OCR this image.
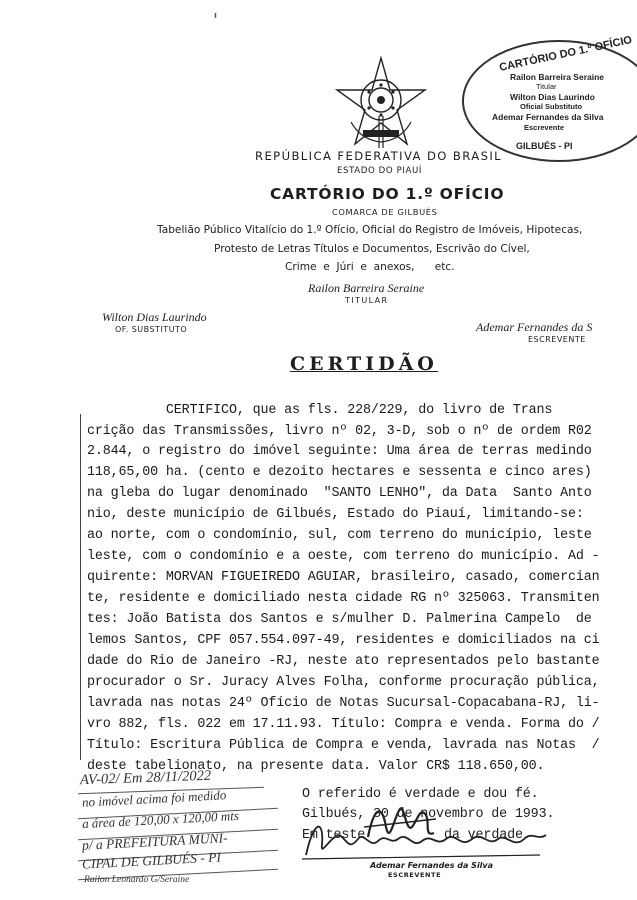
'
CARTÓRIO DO 1.º OFÍCIO
Railon Barreira Seraine
Titular
Wilton Dias Laurindo
Oficial Substituto
Ademar Fernandes da Silva
Escrevente
GILBUÉS - PI
REPÚBLICA FEDERATIVA DO BRASIL
ESTADO DO PIAUÍ
CARTÓRIO DO 1.º OFÍCIO
COMARCA DE GILBUÉS
Tabelião Público Vitalício do 1.º Ofício, Oficial do Registro de Imóveis, Hipotecas,
Protesto de Letras Títulos e Documentos, Escrivão do Cível,
Crime  e  Júri  e  anexos,      etc.
Railon Barreira Seraine
TITULAR
Wilton Dias Laurindo
OF. SUBSTITUTO	Ademar Fernandes da S
ESCREVENTE
CERTIDÃO
CERTIFICO, que as fls. 228/229, do livro de Trans
crição das Transmissões, livro nº 02, 3-D, sob o nº de ordem R02
2.844, o registro do imóvel seguinte: Uma área de terras medindo
118,65,00 ha. (cento e dezoito hectares e sessenta e cinco ares)
na gleba do lugar denominado  "SANTO LENHO", da Data  Santo Anto
nio, deste município de Gilbués, Estado do Piauí, limitando-se:
ao norte, com o condomínio, sul, com terreno do município, leste
leste, com o condomínio e a oeste, com terreno do município. Ad -
quirente: MORVAN FIGUEIREDO AGUIAR, brasileiro, casado, comercian
te, residente e domiciliado nesta cidade RG nº 325063. Transmiten
tes: João Batista dos Santos e s/mulher D. Palmerina Campelo  de
lemos Santos, CPF 057.554.097-49, residentes e domiciliados na ci
dade do Rio de Janeiro -RJ, neste ato representados pelo bastante
procurador o Sr. Juracy Alves Folha, conforme procuração pública,
lavrada nas notas 24º Ofício de Notas Sucursal-Copacabana-RJ, li-
vro 882, fls. 022 em 17.11.93. Título: Compra e venda. Forma do /
Título: Escritura Pública de Compra e venda, lavrada nas Notas  /
deste tabelionato, na presente data. Valor CR$ 118.650,00.
O referido é verdade e dou fé.
Gilbués, 30 de novembro de 1993.
Em teste	da verdade.
Ademar Fernandes da Silva
ESCREVENTE
AV-02/ Em 28/11/2022
no imóvel acima foi medido
a área de 120,00 x 120,00 mts
p/ a PREFEITURA MUNI-
CIPAL DE GILBUÉS - PI
Railon Leonardo G/Seraine
